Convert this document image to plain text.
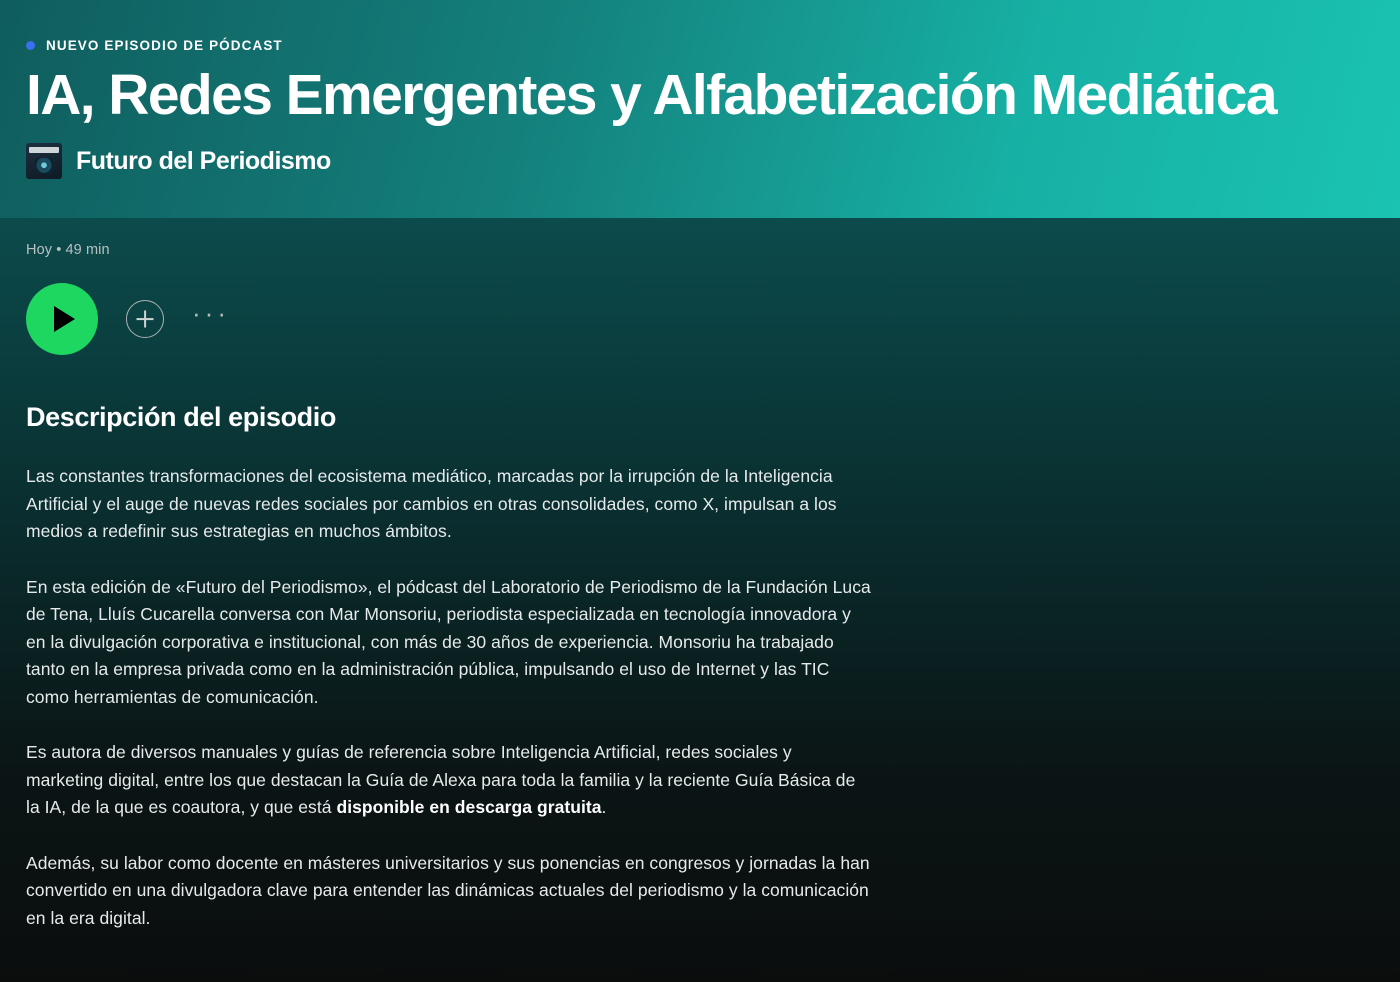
NUEVO EPISODIO DE PÓDCAST
IA, Redes Emergentes y Alfabetización Mediática
Futuro del Periodismo
Hoy • 49 min
···
Descripción del episodio

Las constantes transformaciones del ecosistema mediático, marcadas por la irrupción de la Inteligencia Artificial y el auge de nuevas redes sociales por cambios en otras consolidades, como X, impulsan a los medios a redefinir sus estrategias en muchos ámbitos.

En esta edición de «Futuro del Periodismo», el pódcast del Laboratorio de Periodismo de la Fundación Luca de Tena, Lluís Cucarella conversa con Mar Monsoriu, periodista especializada en tecnología innovadora y en la divulgación corporativa e institucional, con más de 30 años de experiencia. Monsoriu ha trabajado tanto en la empresa privada como en la administración pública, impulsando el uso de Internet y las TIC como herramientas de comunicación.

Es autora de diversos manuales y guías de referencia sobre Inteligencia Artificial, redes sociales y marketing digital, entre los que destacan la Guía de Alexa para toda la familia y la reciente Guía Básica de la IA, de la que es coautora, y que está disponible en descarga gratuita.

Además, su labor como docente en másteres universitarios y sus ponencias en congresos y jornadas la han convertido en una divulgadora clave para entender las dinámicas actuales del periodismo y la comunicación en la era digital.
